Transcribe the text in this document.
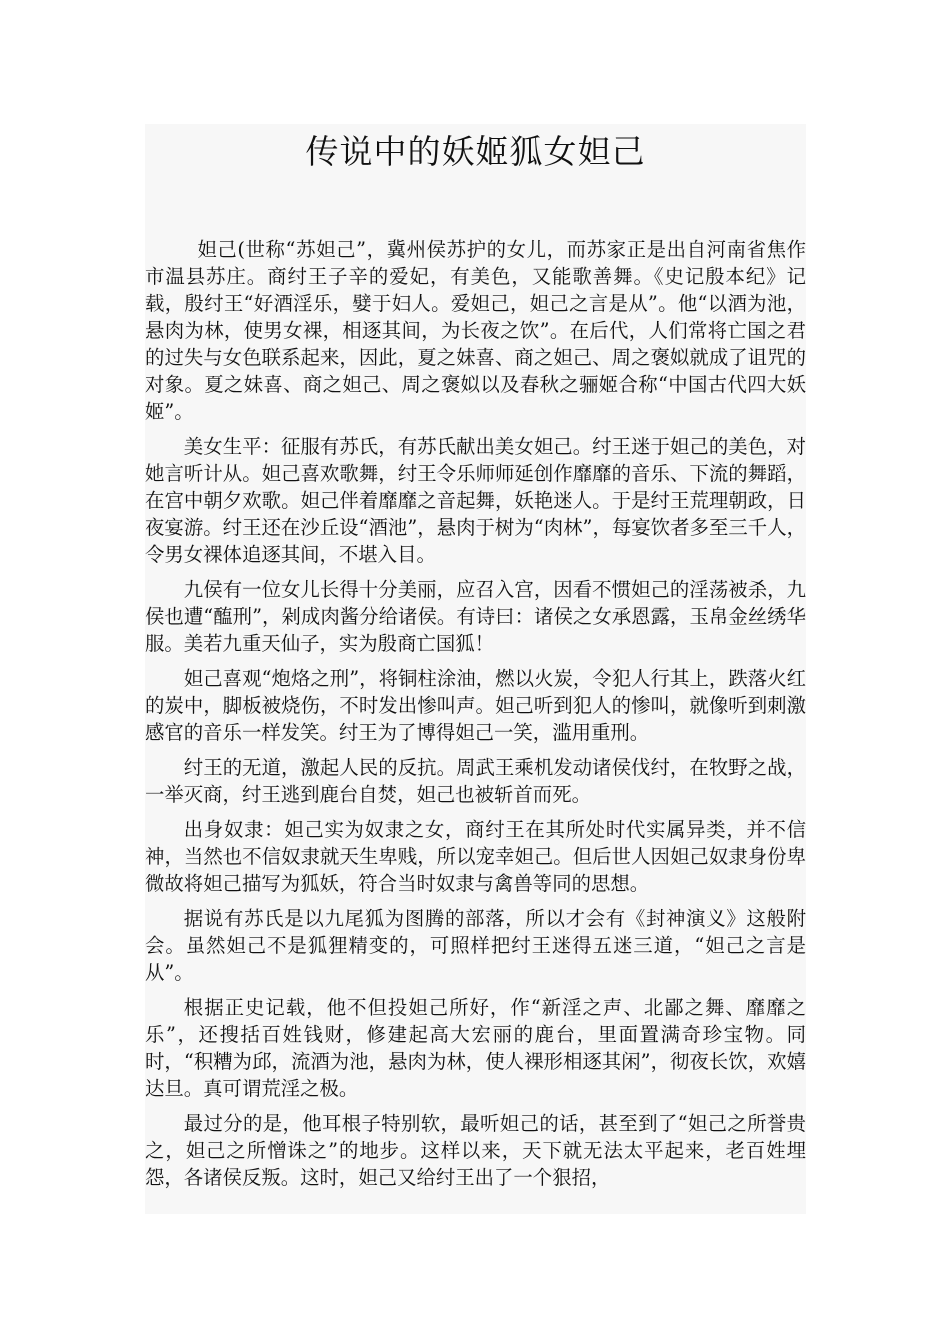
传说中的妖姬狐女妲己

妲己(世称“苏妲己”，冀州侯苏护的女儿，而苏家正是出自河南省焦作市温县苏庄。商纣王子辛的爱妃，有美色，又能歌善舞。《史记殷本纪》记载，殷纣王“好酒淫乐，嬖于妇人。爱妲己，妲己之言是从”。他“以酒为池，悬肉为林，使男女裸，相逐其间，为长夜之饮”。在后代，人们常将亡国之君的过失与女色联系起来，因此，夏之妹喜、商之妲己、周之褒姒就成了诅咒的对象。夏之妹喜、商之妲己、周之褒姒以及春秋之骊姬合称“中国古代四大妖姬”。

美女生平：征服有苏氏，有苏氏献出美女妲己。纣王迷于妲己的美色，对她言听计从。妲己喜欢歌舞，纣王令乐师师延创作靡靡的音乐、下流的舞蹈，在宫中朝夕欢歌。妲己伴着靡靡之音起舞，妖艳迷人。于是纣王荒理朝政，日夜宴游。纣王还在沙丘设“酒池”，悬肉于树为“肉林”，每宴饮者多至三千人，令男女裸体追逐其间，不堪入目。

九侯有一位女儿长得十分美丽，应召入宫，因看不惯妲己的淫荡被杀，九侯也遭“醢刑”，剁成肉酱分给诸侯。有诗曰：诸侯之女承恩露，玉帛金丝绣华服。美若九重天仙子，实为殷商亡国狐！

妲己喜观“炮烙之刑”，将铜柱涂油，燃以火炭，令犯人行其上，跌落火红的炭中，脚板被烧伤，不时发出惨叫声。妲己听到犯人的惨叫，就像听到刺激感官的音乐一样发笑。纣王为了博得妲己一笑，滥用重刑。

纣王的无道，激起人民的反抗。周武王乘机发动诸侯伐纣，在牧野之战，一举灭商，纣王逃到鹿台自焚，妲己也被斩首而死。

出身奴隶：妲己实为奴隶之女，商纣王在其所处时代实属异类，并不信神，当然也不信奴隶就天生卑贱，所以宠幸妲己。但后世人因妲己奴隶身份卑微故将妲己描写为狐妖，符合当时奴隶与禽兽等同的思想。

据说有苏氏是以九尾狐为图腾的部落，所以才会有《封神演义》这般附会。虽然妲己不是狐狸精变的，可照样把纣王迷得五迷三道，“妲己之言是从”。

根据正史记载，他不但投妲己所好，作“新淫之声、北鄙之舞、靡靡之乐”，还搜括百姓钱财，修建起高大宏丽的鹿台，里面置满奇珍宝物。同时，“积糟为邱，流酒为池，悬肉为林，使人裸形相逐其闲”，彻夜长饮，欢嬉达旦。真可谓荒淫之极。

最过分的是，他耳根子特别软，最听妲己的话，甚至到了“妲己之所誉贵之，妲己之所憎诛之”的地步。这样以来，天下就无法太平起来，老百姓埋怨，各诸侯反叛。这时，妲己又给纣王出了一个狠招，
